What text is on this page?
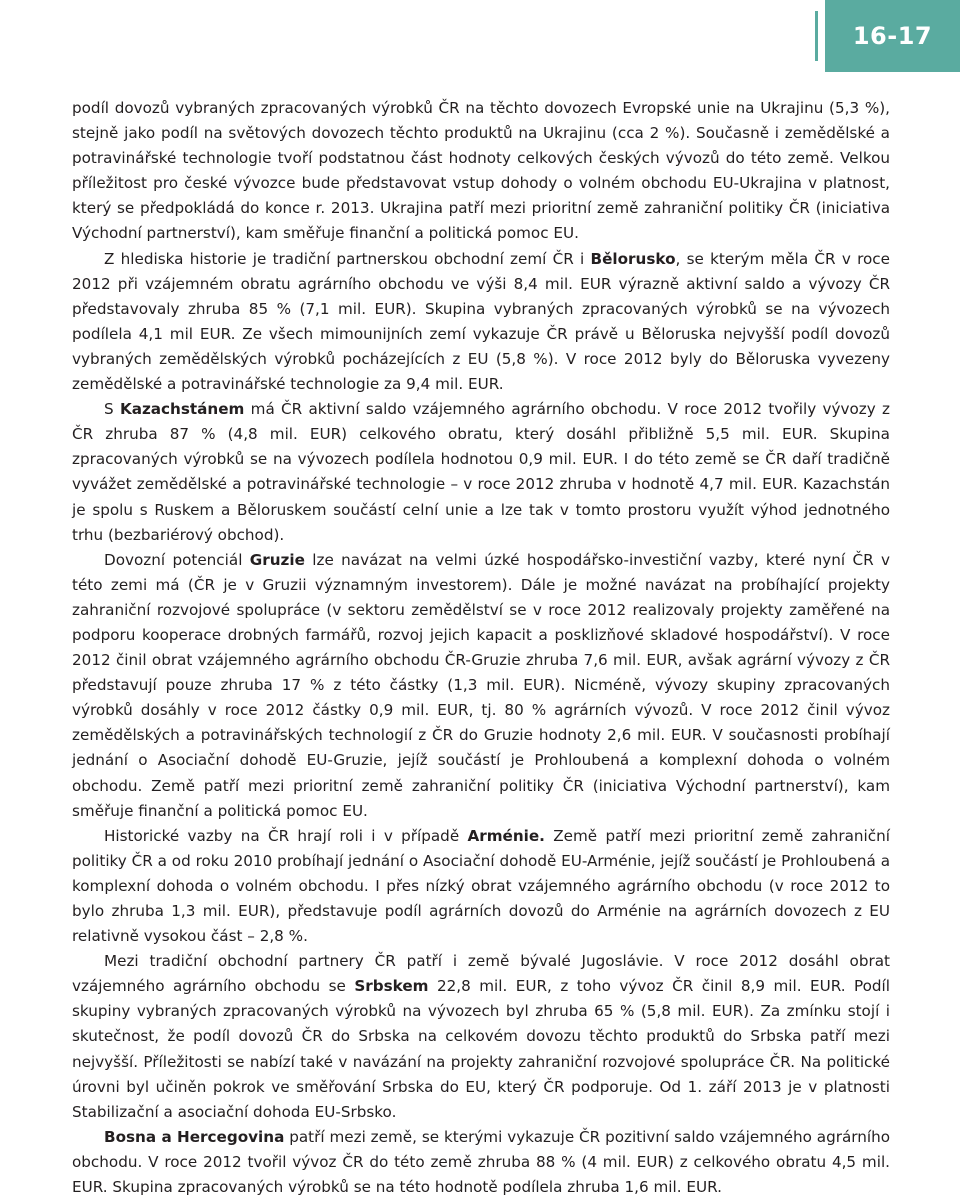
16-17

podíl dovozů vybraných zpracovaných výrobků ČR na těchto dovozech Evropské unie na Ukrajinu (5,3 %), stejně jako podíl na světových dovozech těchto produktů na Ukrajinu (cca 2 %). Současně i zemědělské a potravinářské technologie tvoří podstatnou část hodnoty celkových českých vývozů do této země. Velkou příležitost pro české vývozce bude představovat vstup dohody o volném obchodu EU-Ukrajina v platnost, který se předpokládá do konce r. 2013. Ukrajina patří mezi prioritní země zahraniční politiky ČR (iniciativa Východní partnerství), kam směřuje finanční a politická pomoc EU.

Z hlediska historie je tradiční partnerskou obchodní zemí ČR i Bělorusko, se kterým měla ČR v roce 2012 při vzájemném obratu agrárního obchodu ve výši 8,4 mil. EUR výrazně aktivní saldo a vývozy ČR představovaly zhruba 85 % (7,1 mil. EUR). Skupina vybraných zpracovaných výrobků se na vývozech podílela 4,1 mil EUR. Ze všech mimounijních zemí vykazuje ČR právě u Běloruska nejvyšší podíl dovozů vybraných zemědělských výrobků pocházejících z EU (5,8 %). V roce 2012 byly do Běloruska vyvezeny zemědělské a potravinářské technologie za 9,4 mil. EUR.

S Kazachstánem má ČR aktivní saldo vzájemného agrárního obchodu. V roce 2012 tvořily vývozy z ČR zhruba 87 % (4,8 mil. EUR) celkového obratu, který dosáhl přibližně 5,5 mil. EUR. Skupina zpracovaných výrobků se na vývozech podílela hodnotou 0,9 mil. EUR. I do této země se ČR daří tradičně vyvážet zemědělské a potravinářské technologie – v roce 2012 zhruba v hodnotě 4,7 mil. EUR. Kazachstán je spolu s Ruskem a Běloruskem součástí celní unie a lze tak v tomto prostoru využít výhod jednotného trhu (bezbariérový obchod).

Dovozní potenciál Gruzie lze navázat na velmi úzké hospodářsko-investiční vazby, které nyní ČR v této zemi má (ČR je v Gruzii významným investorem). Dále je možné navázat na probíhající projekty zahraniční rozvojové spolupráce (v sektoru zemědělství se v roce 2012 realizovaly projekty zaměřené na podporu kooperace drobných farmářů, rozvoj jejich kapacit a posklizňové skladové hospodářství). V roce 2012 činil obrat vzájemného agrárního obchodu ČR-Gruzie zhruba 7,6 mil. EUR, avšak agrární vývozy z ČR představují pouze zhruba 17 % z této částky (1,3 mil. EUR). Nicméně, vývozy skupiny zpracovaných výrobků dosáhly v roce 2012 částky 0,9 mil. EUR, tj. 80 % agrárních vývozů. V roce 2012 činil vývoz zemědělských a potravinářských technologií z ČR do Gruzie hodnoty 2,6 mil. EUR. V současnosti probíhají jednání o Asociační dohodě EU-Gruzie, jejíž součástí je Prohloubená a komplexní dohoda o volném obchodu. Země patří mezi prioritní země zahraniční politiky ČR (iniciativa Východní partnerství), kam směřuje finanční a politická pomoc EU.

Historické vazby na ČR hrají roli i v případě Arménie. Země patří mezi prioritní země zahraniční politiky ČR a od roku 2010 probíhají jednání o Asociační dohodě EU-Arménie, jejíž součástí je Prohloubená a komplexní dohoda o volném obchodu. I přes nízký obrat vzájemného agrárního obchodu (v roce 2012 to bylo zhruba 1,3 mil. EUR), představuje podíl agrárních dovozů do Arménie na agrárních dovozech z EU relativně vysokou část – 2,8 %.

Mezi tradiční obchodní partnery ČR patří i země bývalé Jugoslávie. V roce 2012 dosáhl obrat vzájemného agrárního obchodu se Srbskem 22,8 mil. EUR, z toho vývoz ČR činil 8,9 mil. EUR. Podíl skupiny vybraných zpracovaných výrobků na vývozech byl zhruba 65 % (5,8 mil. EUR). Za zmínku stojí i skutečnost, že podíl dovozů ČR do Srbska na celkovém dovozu těchto produktů do Srbska patří mezi nejvyšší. Příležitosti se nabízí také v navázání na projekty zahraniční rozvojové spolupráce ČR. Na politické úrovni byl učiněn pokrok ve směřování Srbska do EU, který ČR podporuje. Od 1. září 2013 je v platnosti Stabilizační a asociační dohoda EU-Srbsko.

Bosna a Hercegovina patří mezi země, se kterými vykazuje ČR pozitivní saldo vzájemného agrárního obchodu. V roce 2012 tvořil vývoz ČR do této země zhruba 88 % (4 mil. EUR) z celkového obratu 4,5 mil. EUR. Skupina zpracovaných výrobků se na této hodnotě podílela zhruba 1,6 mil. EUR.
